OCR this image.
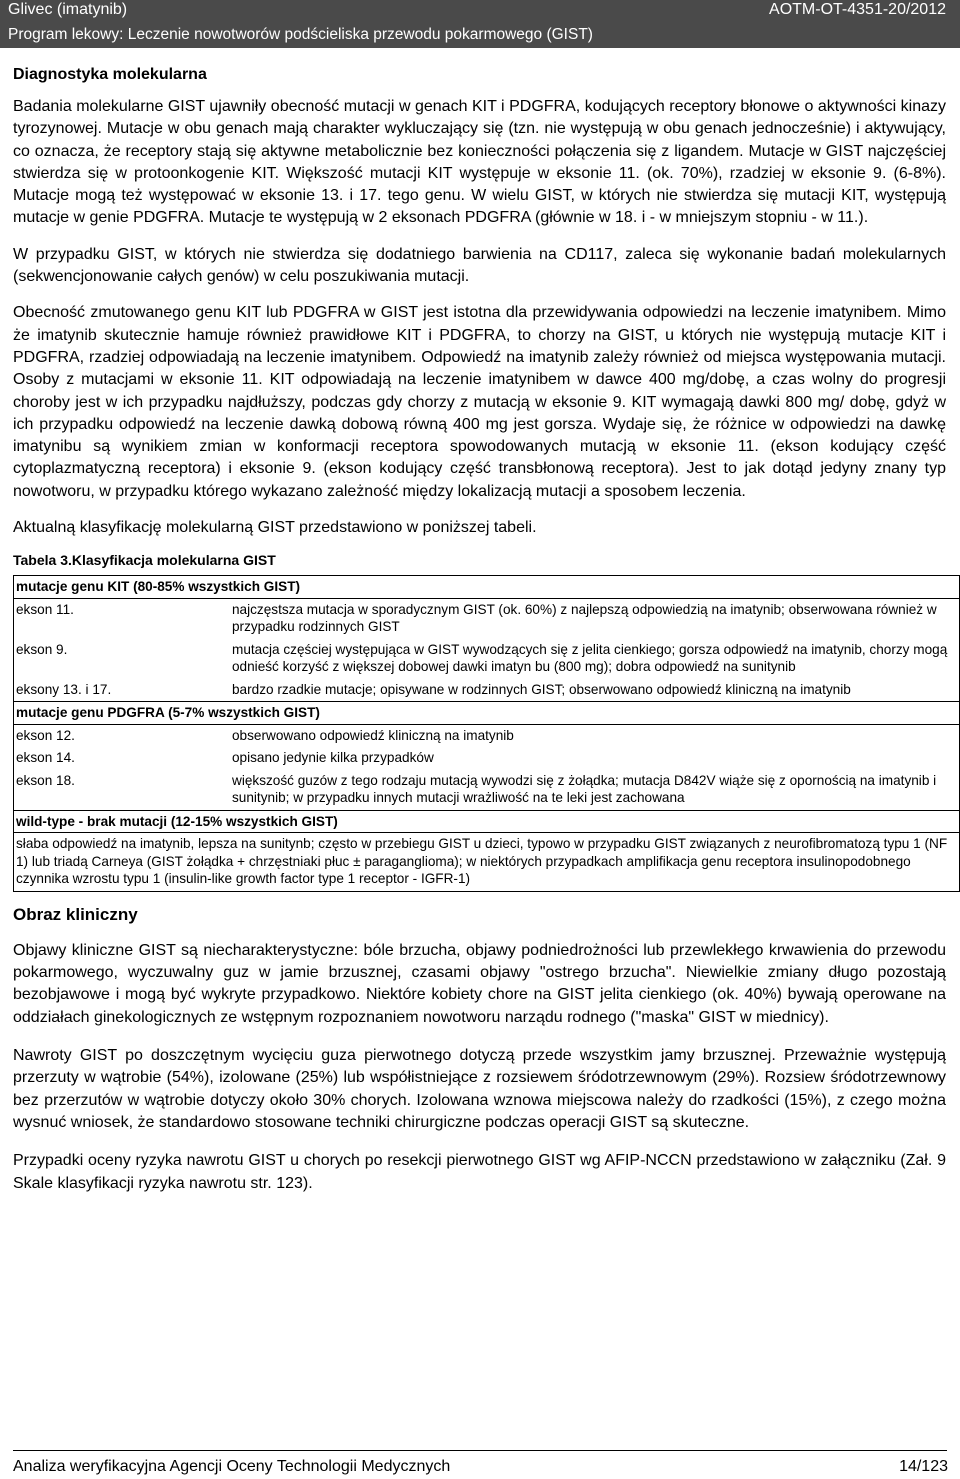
Glivec (imatynib)	AOTM-OT-4351-20/2012
Program lekowy: Leczenie nowotworów podścieliska przewodu pokarmowego (GIST)
Diagnostyka molekularna

Badania molekularne GIST ujawniły obecność mutacji w genach KIT i PDGFRA, kodujących receptory błonowe o aktywności kinazy tyrozynowej. Mutacje w obu genach mają charakter wykluczający się (tzn. nie występują w obu genach jednocześnie) i aktywujący, co oznacza, że receptory stają się aktywne metabolicznie bez konieczności połączenia się z ligandem. Mutacje w GIST najczęściej stwierdza się w protoonkogenie KIT. Większość mutacji KIT występuje w eksonie 11. (ok. 70%), rzadziej w eksonie 9. (6-8%). Mutacje mogą też występować w eksonie 13. i 17. tego genu. W wielu GIST, w których nie stwierdza się mutacji KIT, występują mutacje w genie PDGFRA. Mutacje te występują w 2 eksonach PDGFRA (głównie w 18. i - w mniejszym stopniu - w 11.).

W przypadku GIST, w których nie stwierdza się dodatniego barwienia na CD117, zaleca się wykonanie badań molekularnych (sekwencjonowanie całych genów) w celu poszukiwania mutacji.

Obecność zmutowanego genu KIT lub PDGFRA w GIST jest istotna dla przewidywania odpowiedzi na leczenie imatynibem. Mimo że imatynib skutecznie hamuje również prawidłowe KIT i PDGFRA, to chorzy na GIST, u których nie występują mutacje KIT i PDGFRA, rzadziej odpowiadają na leczenie imatynibem. Odpowiedź na imatynib zależy również od miejsca występowania mutacji. Osoby z mutacjami w eksonie 11. KIT odpowiadają na leczenie imatynibem w dawce 400 mg/dobę, a czas wolny do progresji choroby jest w ich przypadku najdłuższy, podczas gdy chorzy z mutacją w eksonie 9. KIT wymagają dawki 800 mg/ dobę, gdyż w ich przypadku odpowiedź na leczenie dawką dobową równą 400 mg jest gorsza. Wydaje się, że różnice w odpowiedzi na dawkę imatynibu są wynikiem zmian w konformacji receptora spowodowanych mutacją w eksonie 11. (ekson kodujący część cytoplazmatyczną receptora) i eksonie 9. (ekson kodujący część transbłonową receptora). Jest to jak dotąd jedyny znany typ nowotworu, w przypadku którego wykazano zależność między lokalizacją mutacji a sposobem leczenia.

Aktualną klasyfikację molekularną GIST przedstawiono w poniższej tabeli.

Tabela 3.Klasyfikacja molekularna GIST
mutacje genu KIT (80-85% wszystkich GIST)	
ekson 11.	najczęstsza mutacja w sporadycznym GIST (ok. 60%) z najlepszą odpowiedzią na imatynib; obserwowana również w przypadku rodzinnych GIST
ekson 9.	mutacja częściej występująca w GIST wywodzących się z jelita cienkiego; gorsza odpowiedź na imatynib, chorzy mogą odnieść korzyść z większej dobowej dawki imatyn bu (800 mg); dobra odpowiedź na sunitynib
eksony 13. i 17.	bardzo rzadkie mutacje; opisywane w rodzinnych GIST; obserwowano odpowiedź kliniczną na imatynib
mutacje genu PDGFRA (5-7% wszystkich GIST)	
ekson 12.	obserwowano odpowiedź kliniczną na imatynib
ekson 14.	opisano jedynie kilka przypadków
ekson 18.	większość guzów z tego rodzaju mutacją wywodzi się z żołądka; mutacja D842V wiąże się z opornością na imatynib i sunitynib; w przypadku innych mutacji wrażliwość na te leki jest zachowana
wild-type - brak mutacji (12-15% wszystkich GIST)	
słaba odpowiedź na imatynib, lepsza na sunitynb; często w przebiegu GIST u dzieci, typowo w przypadku GIST związanych z neurofibromatozą typu 1 (NF 1) lub triadą Carneya (GIST żołądka + chrzęstniaki płuc ± paraganglioma); w niektórych przypadkach amplifikacja genu receptora insulinopodobnego czynnika wzrostu typu 1 (insulin-like growth factor type 1 receptor - IGFR-1)	
Obraz kliniczny

Objawy kliniczne GIST są niecharakterystyczne: bóle brzucha, objawy podniedrożności lub przewlekłego krwawienia do przewodu pokarmowego, wyczuwalny guz w jamie brzusznej, czasami objawy "ostrego brzucha". Niewielkie zmiany długo pozostają bezobjawowe i mogą być wykryte przypadkowo. Niektóre kobiety chore na GIST jelita cienkiego (ok. 40%) bywają operowane na oddziałach ginekologicznych ze wstępnym rozpoznaniem nowotworu narządu rodnego ("maska" GIST w miednicy).

Nawroty GIST po doszczętnym wycięciu guza pierwotnego dotyczą przede wszystkim jamy brzusznej. Przeważnie występują przerzuty w wątrobie (54%), izolowane (25%) lub współistniejące z rozsiewem śródotrzewnowym (29%). Rozsiew śródotrzewnowy bez przerzutów w wątrobie dotyczy około 30% chorych. Izolowana wznowa miejscowa należy do rzadkości (15%), z czego można wysnuć wniosek, że standardowo stosowane techniki chirurgiczne podczas operacji GIST są skuteczne.

Przypadki oceny ryzyka nawrotu GIST u chorych po resekcji pierwotnego GIST wg AFIP-NCCN przedstawiono w załączniku (Zał. 9 Skale klasyfikacji ryzyka nawrotu str. 123).

Analiza weryfikacyjna Agencji Oceny Technologii Medycznych	14/123
